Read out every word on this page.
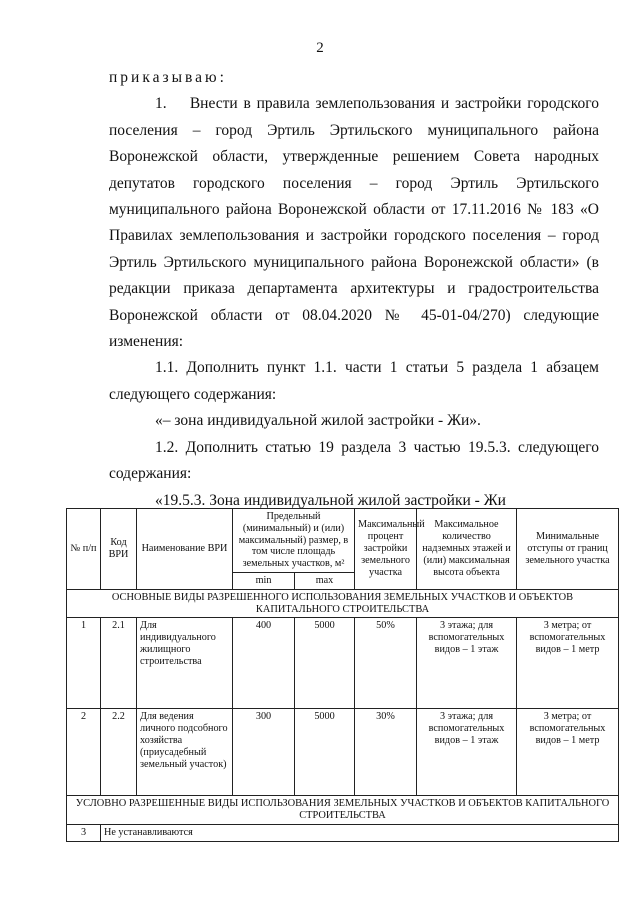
2

приказываю:

1.    Внести в правила землепользования и застройки городского поселения – город Эртиль Эртильского муниципального района Воронежской области, утвержденные решением Совета народных депутатов городского поселения – город Эртиль Эртильского муниципального района Воронежской области от 17.11.2016 № 183 «О Правилах землепользования и застройки городского поселения – город Эртиль Эртильского муниципального района Воронежской области» (в редакции приказа департамента архитектуры и градостроительства Воронежской области от 08.04.2020 № 45-01-04/270) следующие изменения:

1.1. Дополнить пункт 1.1. части 1 статьи 5 раздела 1 абзацем следующего содержания:

«– зона индивидуальной жилой застройки - Жи».

1.2. Дополнить статью 19 раздела 3 частью 19.5.3. следующего содержания:

«19.5.3. Зона индивидуальной жилой застройки - Жи

№ п/п	Код ВРИ	Наименование ВРИ	Предельный (минимальный) и (или) максимальный) размер, в том числе площадь земельных участков, м²		Максимальный процент застройки земельного участка	Максимальное количество надземных этажей и (или) максимальная высота объекта	Минимальные отступы от границ земельного участка
			min	max			
ОСНОВНЫЕ ВИДЫ РАЗРЕШЕННОГО ИСПОЛЬЗОВАНИЯ ЗЕМЕЛЬНЫХ УЧАСТКОВ И ОБЪЕКТОВ КАПИТАЛЬНОГО СТРОИТЕЛЬСТВА							
1	2.1	Для индивидуального жилищного строительства	400	5000	50%	3 этажа; для вспомогательных видов – 1 этаж	3 метра; от вспомогательных видов – 1 метр
2	2.2	Для ведения личного подсобного хозяйства (приусадебный земельный участок)	300	5000	30%	3 этажа; для вспомогательных видов – 1 этаж	3 метра; от вспомогательных видов – 1 метр
УСЛОВНО РАЗРЕШЕННЫЕ ВИДЫ ИСПОЛЬЗОВАНИЯ ЗЕМЕЛЬНЫХ УЧАСТКОВ И ОБЪЕКТОВ КАПИТАЛЬНОГО СТРОИТЕЛЬСТВА							
3	Не устанавливаются						
